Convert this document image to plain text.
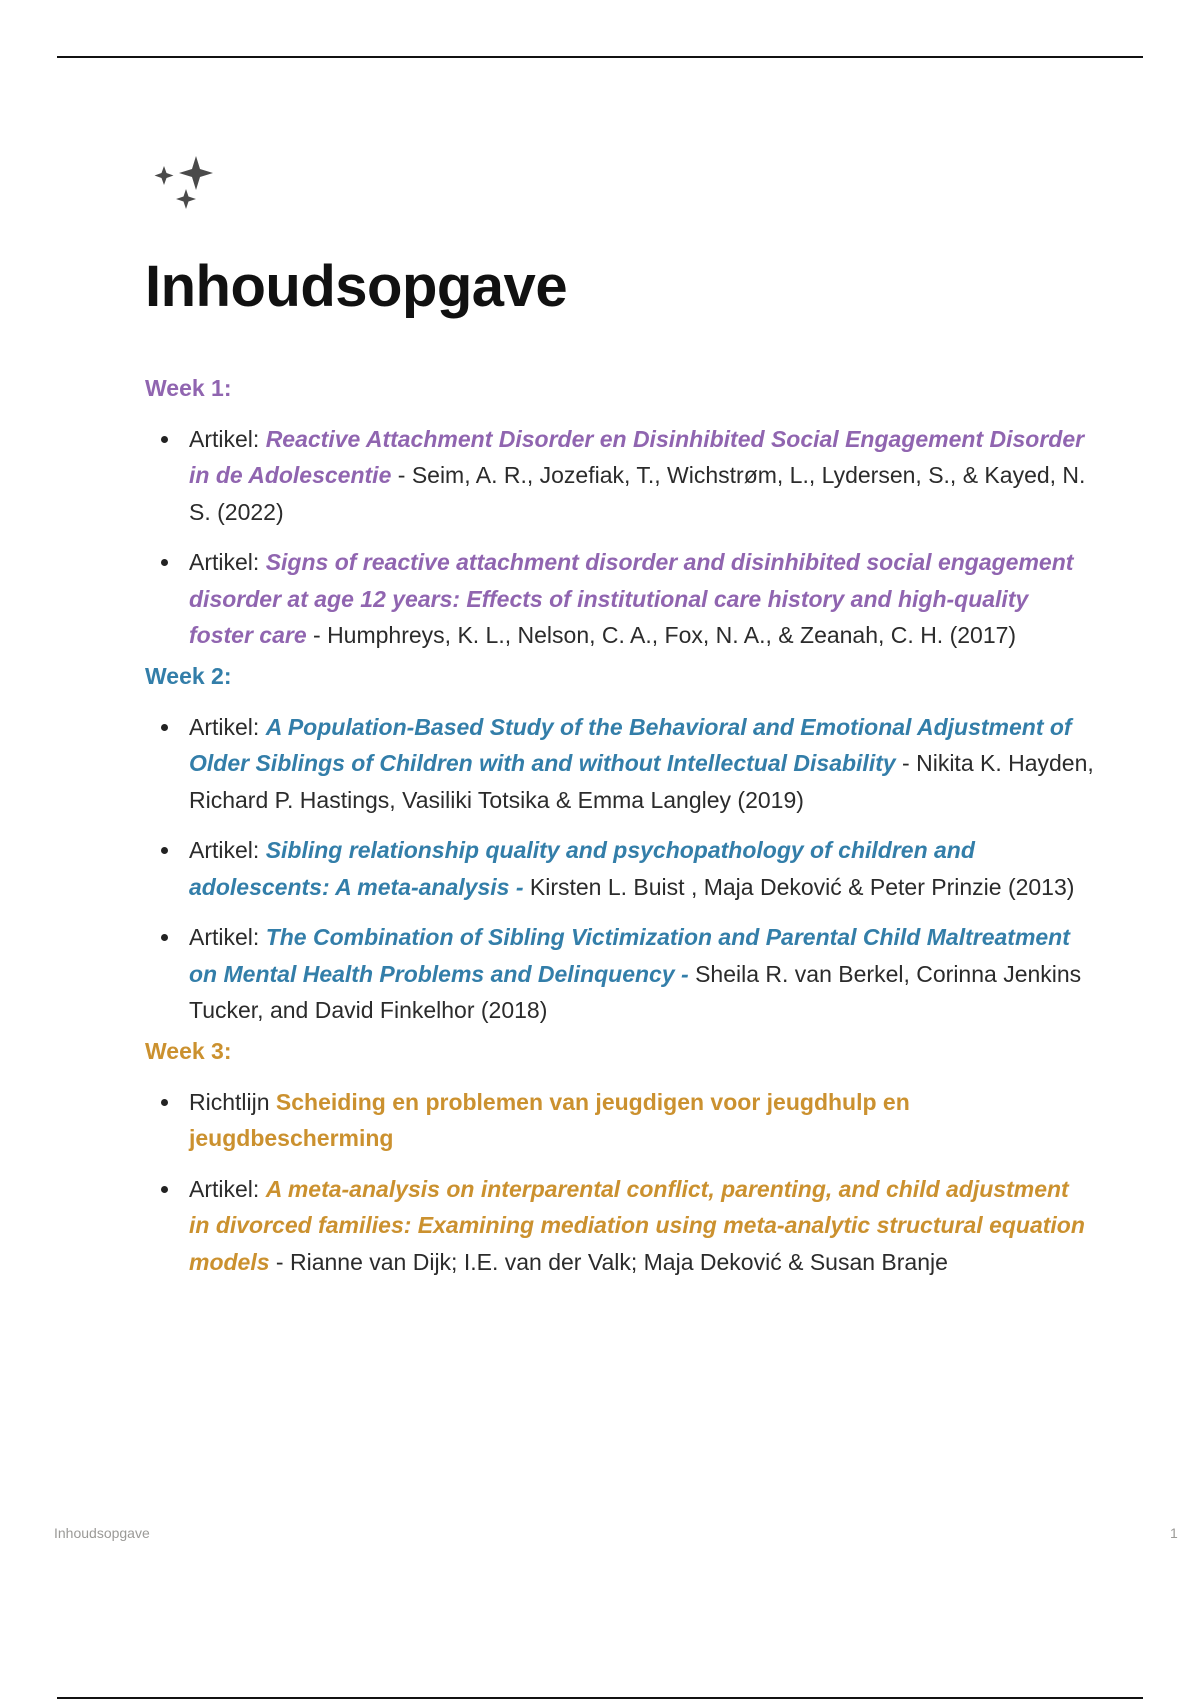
Inhoudsopgave
Week 1:
Artikel: Reactive Attachment Disorder en Disinhibited Social Engagement Disorder in de Adolescentie - Seim, A. R., Jozefiak, T., Wichstrøm, L., Lydersen, S., & Kayed, N. S. (2022)
Artikel: Signs of reactive attachment disorder and disinhibited social engagement disorder at age 12 years: Effects of institutional care history and high-quality foster care - Humphreys, K. L., Nelson, C. A., Fox, N. A., & Zeanah, C. H. (2017)
Week 2:
Artikel: A Population-Based Study of the Behavioral and Emotional Adjustment of Older Siblings of Children with and without Intellectual Disability - Nikita K. Hayden, Richard P. Hastings, Vasiliki Totsika & Emma Langley (2019)
Artikel: Sibling relationship quality and psychopathology of children and adolescents: A meta-analysis - Kirsten L. Buist , Maja Deković & Peter Prinzie (2013)
Artikel: The Combination of Sibling Victimization and Parental Child Maltreatment on Mental Health Problems and Delinquency - Sheila R. van Berkel, Corinna Jenkins Tucker, and David Finkelhor (2018)
Week 3:
Richtlijn Scheiding en problemen van jeugdigen voor jeugdhulp en jeugdbescherming
Artikel: A meta-analysis on interparental conflict, parenting, and child adjustment in divorced families: Examining mediation using meta-analytic structural equation models - Rianne van Dijk; I.E. van der Valk; Maja Deković & Susan Branje
Inhoudsopgave	1
